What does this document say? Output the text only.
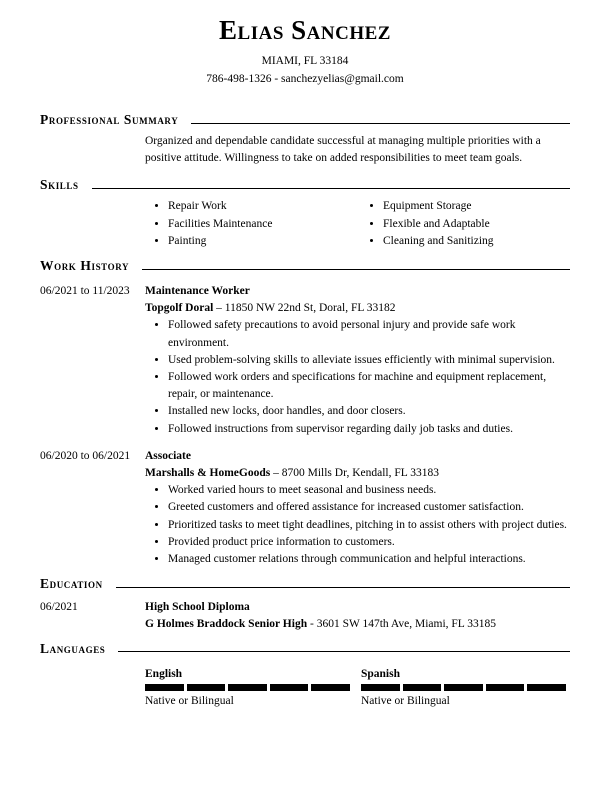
Elias Sanchez
MIAMI, FL 33184
786-498-1326 - sanchezyelias@gmail.com
Professional Summary

Organized and dependable candidate successful at managing multiple priorities with a positive attitude. Willingness to take on added responsibilities to meet team goals.

Skills
• Repair Work
• Facilities Maintenance
• Painting
• Equipment Storage
• Flexible and Adaptable
• Cleaning and Sanitizing
Work History
06/2021 to 11/2023	Maintenance Worker
Topgolf Doral – 11850 NW 22nd St, Doral, FL 33182
• Followed safety precautions to avoid personal injury and provide safe work environment.
• Used problem-solving skills to alleviate issues efficiently with minimal supervision.
• Followed work orders and specifications for machine and equipment replacement, repair, or maintenance.
• Installed new locks, door handles, and door closers.
• Followed instructions from supervisor regarding daily job tasks and duties.
06/2020 to 06/2021	Associate
Marshalls & HomeGoods – 8700 Mills Dr, Kendall, FL 33183
• Worked varied hours to meet seasonal and business needs.
• Greeted customers and offered assistance for increased customer satisfaction.
• Prioritized tasks to meet tight deadlines, pitching in to assist others with project duties.
• Provided product price information to customers.
• Managed customer relations through communication and helpful interactions.
Education
06/2021	High School Diploma
G Holmes Braddock Senior High - 3601 SW 147th Ave, Miami, FL 33185
Languages
English
Native or Bilingual
Spanish
Native or Bilingual
